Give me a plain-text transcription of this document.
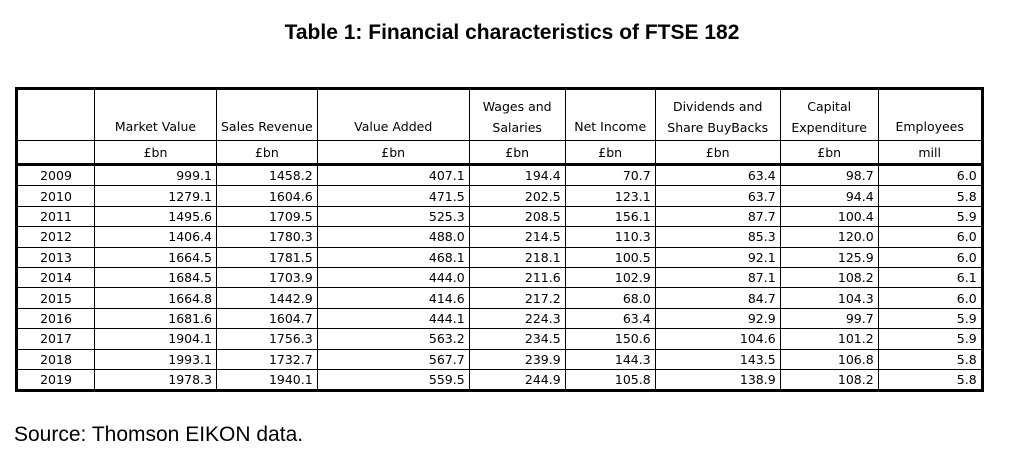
Table 1: Financial characteristics of FTSE 182
	Market Value	Sales Revenue	Value Added	Wages and Salaries	Net Income	Dividends and Share BuyBacks	Capital Expenditure	Employees
	£bn	£bn	£bn	£bn	£bn	£bn	£bn	mill
2009	999.1	1458.2	407.1	194.4	70.7	63.4	98.7	6.0
2010	1279.1	1604.6	471.5	202.5	123.1	63.7	94.4	5.8
2011	1495.6	1709.5	525.3	208.5	156.1	87.7	100.4	5.9
2012	1406.4	1780.3	488.0	214.5	110.3	85.3	120.0	6.0
2013	1664.5	1781.5	468.1	218.1	100.5	92.1	125.9	6.0
2014	1684.5	1703.9	444.0	211.6	102.9	87.1	108.2	6.1
2015	1664.8	1442.9	414.6	217.2	68.0	84.7	104.3	6.0
2016	1681.6	1604.7	444.1	224.3	63.4	92.9	99.7	5.9
2017	1904.1	1756.3	563.2	234.5	150.6	104.6	101.2	5.9
2018	1993.1	1732.7	567.7	239.9	144.3	143.5	106.8	5.8
2019	1978.3	1940.1	559.5	244.9	105.8	138.9	108.2	5.8
Source: Thomson EIKON data.
